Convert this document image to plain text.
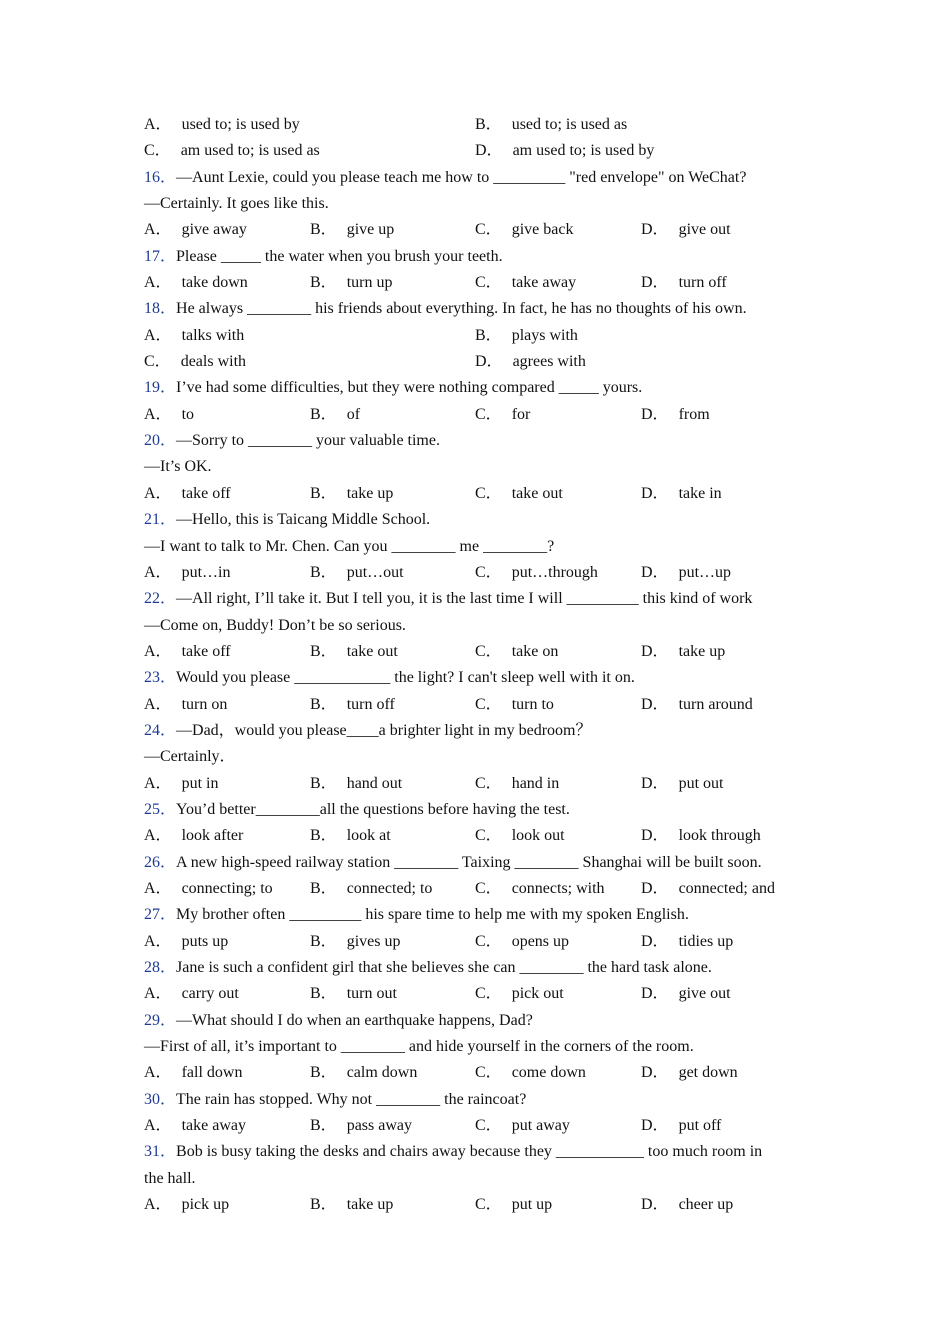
A． used to; is used by	B． used to; is used as
C． am used to; is used as	D． am used to; is used by
16．—Aunt Lexie, could you please teach me how to _________ "red envelope" on WeChat?
—Certainly. It goes like this.
A． give away	B． give up	C． give back	D． give out
17．Please _____ the water when you brush your teeth.
A． take down	B． turn up	C． take away	D． turn off
18．He always ________ his friends about everything. In fact, he has no thoughts of his own.
A． talks with	B． plays with
C． deals with	D． agrees with
19．I’ve had some difficulties, but they were nothing compared _____ yours.
A． to	B． of	C． for	D． from
20．—Sorry to ________ your valuable time.
—It’s OK.
A． take off	B． take up	C． take out	D． take in
21．—Hello, this is Taicang Middle School.
—I want to talk to Mr. Chen. Can you ________ me ________?
A． put…in	B． put…out	C． put…through	D． put…up
22．—All right, I’ll take it. But I tell you, it is the last time I will _________ this kind of work
—Come on, Buddy! Don’t be so serious.
A． take off	B． take out	C． take on	D． take up
23．Would you please ____________ the light? I can't sleep well with it on.
A． turn on	B． turn off	C． turn to	D． turn around
24．—Dad，would you please____a brighter light in my bedroom？
—Certainly．
A． put in	B． hand out	C． hand in	D． put out
25．You’d better________all the questions before having the test.
A． look after	B． look at	C． look out	D． look through
26．A new high-speed railway station ________ Taixing ________ Shanghai will be built soon.
A． connecting; to B． connected; to	C． connects; with D． connected; and
27．My brother often _________ his spare time to help me with my spoken English.
A． puts up	B． gives up	C． opens up	D． tidies up
28．Jane is such a confident girl that she believes she can ________ the hard task alone.
A． carry out	B． turn out	C． pick out	D． give out
29．—What should I do when an earthquake happens, Dad?
—First of all, it’s important to ________ and hide yourself in the corners of the room.
A． fall down	B． calm down	C． come down	D． get down
30．The rain has stopped. Why not ________ the raincoat?
A． take away	B． pass away	C． put away	D． put off
31．Bob is busy taking the desks and chairs away because they ___________ too much room in
the hall.
A． pick up	B． take up	C． put up	D． cheer up
